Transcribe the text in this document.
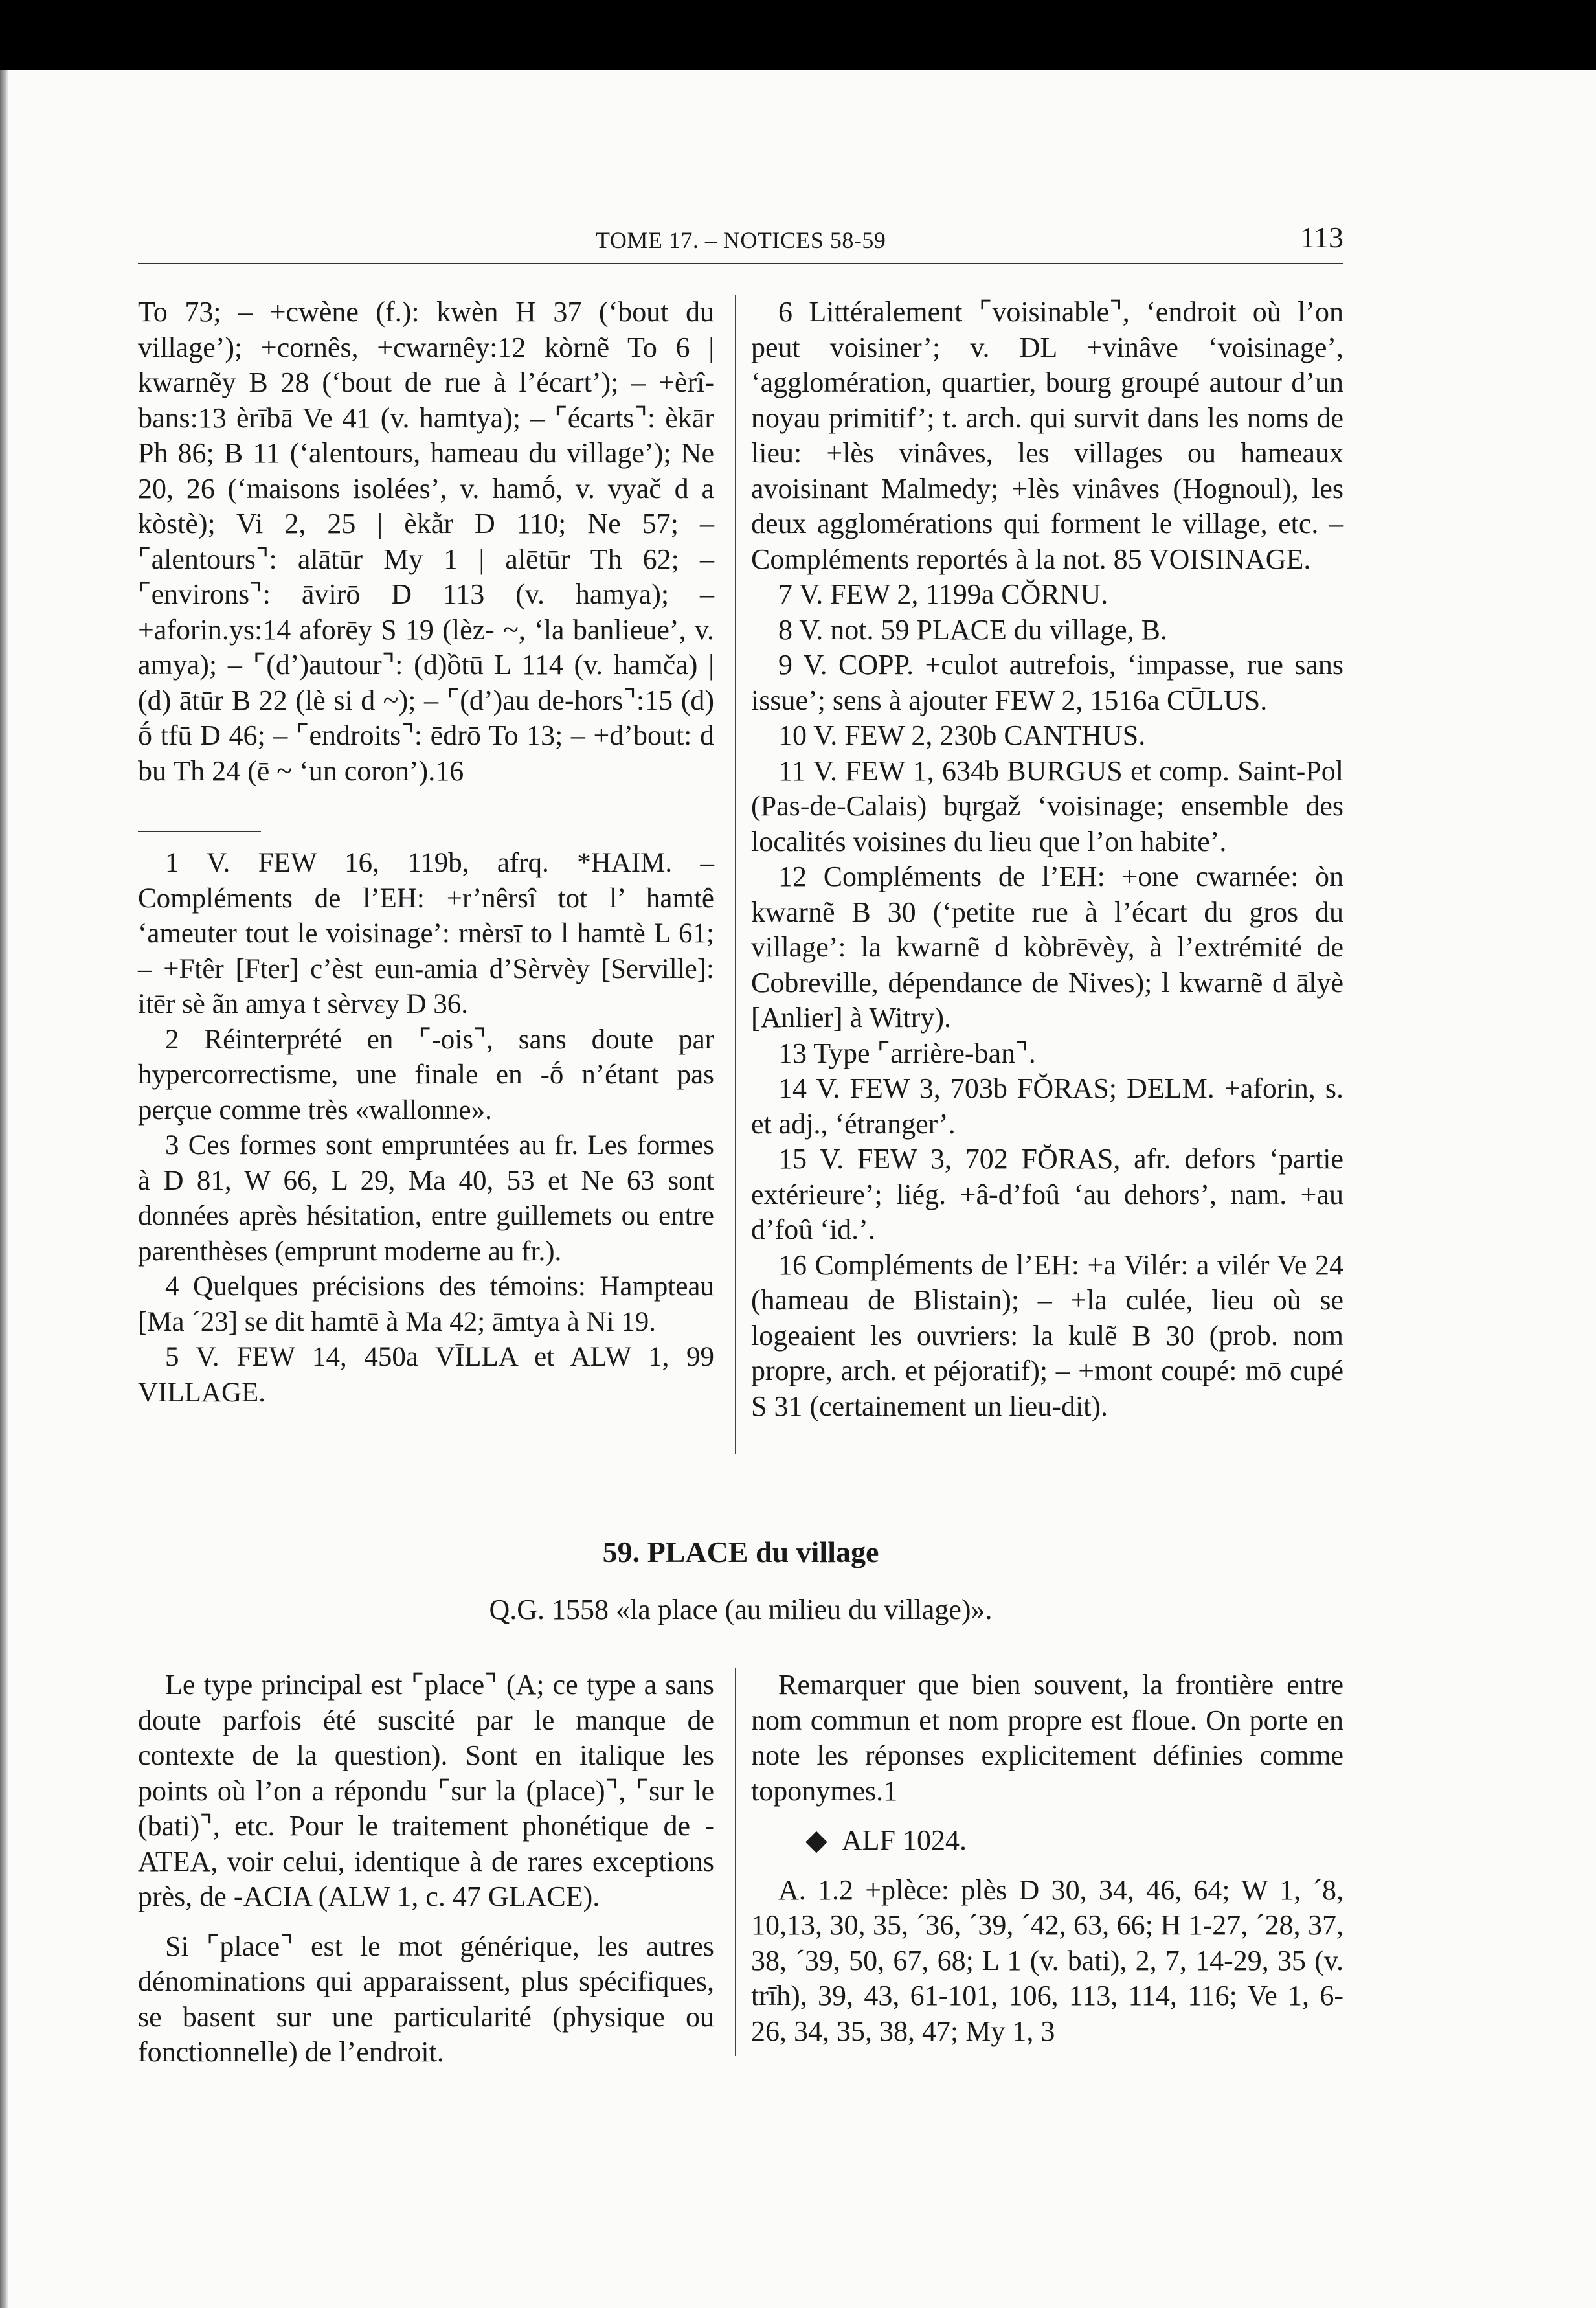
TOME 17. – NOTICES 58-59	113

To 73; – +cwène (f.): kwèn H 37 (‘bout du village’); +cornês, +cwarnêy:12 kòrnẽ To 6 | kwarnẽy B 28 (‘bout de rue à l’écart’); – +èrî-bans:13 èrībā Ve 41 (v. hamtya); – ⌜écarts⌝: èkār Ph 86; B 11 (‘alentours, hameau du village’); Ne 20, 26 (‘maisons isolées’, v. hamṓ, v. vyač d a kòstè); Vi 2, 25 | èkằr D 110; Ne 57; – ⌜alentours⌝: alātūr My 1 | alētūr Th 62; – ⌜environs⌝: āvirō D 113 (v. hamya); – +aforin.ys:14 aforēy S 19 (lèz- ~, ‘la banlieue’, v. amya); – ⌜(d’)autour⌝: (d)ồtū L 114 (v. hamča) | (d) ātūr B 22 (lè si d ~); – ⌜(d’)au de-hors⌝:15 (d) ṓ tfū D 46; – ⌜endroits⌝: ēdrō To 13; – +d’bout: d bu Th 24 (ē ~ ‘un coron’).16

1 V. FEW 16, 119b, afrq. *HAIM. – Compléments de l’EH: +r’nêrsî tot l’ hamtê ‘ameuter tout le voisinage’: rnèrsī to l hamtè L 61; – +Ftêr [Fter] c’èst eun-amia d’Sèrvèy [Serville]: itēr sè ãn amya t sèrvɛy D 36.

2 Réinterprété en ⌜-ois⌝, sans doute par hypercorrectisme, une finale en -ṓ n’étant pas perçue comme très «wallonne».

3 Ces formes sont empruntées au fr. Les formes à D 81, W 66, L 29, Ma 40, 53 et Ne 63 sont données après hésitation, entre guillemets ou entre parenthèses (emprunt moderne au fr.).

4 Quelques précisions des témoins: Hampteau [Ma ´23] se dit hamtē à Ma 42; āmtya à Ni 19.

5 V. FEW 14, 450a VĪLLA et ALW 1, 99 VILLAGE.

6 Littéralement ⌜voisinable⌝, ‘endroit où l’on peut voisiner’; v. DL +vinâve ‘voisinage’, ‘agglomération, quartier, bourg groupé autour d’un noyau primitif’; t. arch. qui survit dans les noms de lieu: +lès vinâves, les villages ou hameaux avoisinant Malmedy; +lès vinâves (Hognoul), les deux agglomérations qui forment le village, etc. – Compléments reportés à la not. 85 VOISINAGE.

7 V. FEW 2, 1199a CŎRNU.

8 V. not. 59 PLACE du village, B.

9 V. COPP. +culot autrefois, ‘impasse, rue sans issue’; sens à ajouter FEW 2, 1516a CŪLUS.

10 V. FEW 2, 230b CANTHUS.

11 V. FEW 1, 634b BURGUS et comp. Saint-Pol (Pas-de-Calais) bųrgaž ‘voisinage; ensemble des localités voisines du lieu que l’on habite’.

12 Compléments de l’EH: +one cwarnée: òn kwarnẽ B 30 (‘petite rue à l’écart du gros du village’: la kwarnẽ d kòbrēvèy, à l’extrémité de Cobreville, dépendance de Nives); l kwarnẽ d ālyè [Anlier] à Witry).

13 Type ⌜arrière-ban⌝.

14 V. FEW 3, 703b FŎRAS; DELM. +aforin, s. et adj., ‘étranger’.

15 V. FEW 3, 702 FŎRAS, afr. defors ‘partie extérieure’; liég. +â-d’foû ‘au dehors’, nam. +au d’foû ‘id.’.

16 Compléments de l’EH: +a Vilér: a vilér Ve 24 (hameau de Blistain); – +la culée, lieu où se logeaient les ouvriers: la kulẽ B 30 (prob. nom propre, arch. et péjoratif); – +mont coupé: mō cupé S 31 (certainement un lieu-dit).

59. PLACE du village
Q.G. 1558 «la place (au milieu du village)».

Le type principal est ⌜place⌝ (A; ce type a sans doute parfois été suscité par le manque de contexte de la question). Sont en italique les points où l’on a répondu ⌜sur la (place)⌝, ⌜sur le (bati)⌝, etc. Pour le traitement phonétique de -ATEA, voir celui, identique à de rares exceptions près, de -ACIA (ALW 1, c. 47 GLACE).

Si ⌜place⌝ est le mot générique, les autres dénominations qui apparaissent, plus spécifiques, se basent sur une particularité (physique ou fonctionnelle) de l’endroit.

Remarquer que bien souvent, la frontière entre nom commun et nom propre est floue. On porte en note les réponses explicitement définies comme toponymes.1

◆ ALF 1024.

A. 1.2 +plèce: plès D 30, 34, 46, 64; W 1, ´8, 10,13, 30, 35, ´36, ´39, ´42, 63, 66; H 1-27, ´28, 37, 38, ´39, 50, 67, 68; L 1 (v. bati), 2, 7, 14-29, 35 (v. trīh), 39, 43, 61-101, 106, 113, 114, 116; Ve 1, 6-26, 34, 35, 38, 47; My 1, 3
